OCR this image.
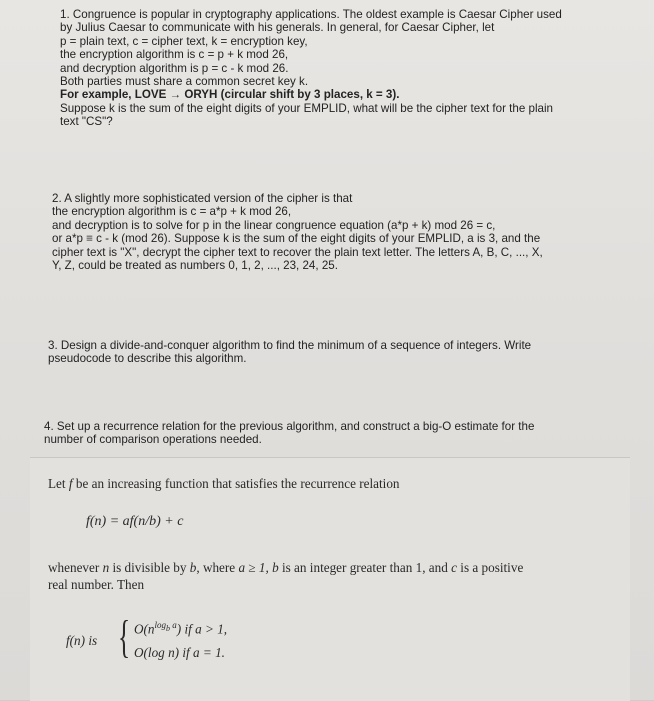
1. Congruence is popular in cryptography applications. The oldest example is Caesar Cipher used
by Julius Caesar to communicate with his generals. In general, for Caesar Cipher, let
p = plain text, c = cipher text, k = encryption key,
the encryption algorithm is c = p + k mod 26,
and decryption algorithm is p = c - k mod 26.
Both parties must share a common secret key k.
For example, LOVE → ORYH (circular shift by 3 places, k = 3).
Suppose k is the sum of the eight digits of your EMPLID, what will be the cipher text for the plain
text "CS"?
2. A slightly more sophisticated version of the cipher is that
the encryption algorithm is c = a*p + k mod 26,
and decryption is to solve for p in the linear congruence equation (a*p + k) mod 26 = c,
or a*p ≡ c - k (mod 26). Suppose k is the sum of the eight digits of your EMPLID, a is 3, and the
cipher text is "X", decrypt the cipher text to recover the plain text letter. The letters A, B, C, ..., X,
Y, Z, could be treated as numbers 0, 1, 2, ..., 23, 24, 25.
3. Design a divide-and-conquer algorithm to find the minimum of a sequence of integers. Write
pseudocode to describe this algorithm.
4. Set up a recurrence relation for the previous algorithm, and construct a big-O estimate for the
number of comparison operations needed.
Let f be an increasing function that satisfies the recurrence relation
f(n) = af(n/b) + c
whenever n is divisible by b, where a ≥ 1, b is an integer greater than 1, and c is a positive
real number. Then
f(n) is { $O(n^{log_b a})$ if a > 1,
O(log n) if a = 1.
